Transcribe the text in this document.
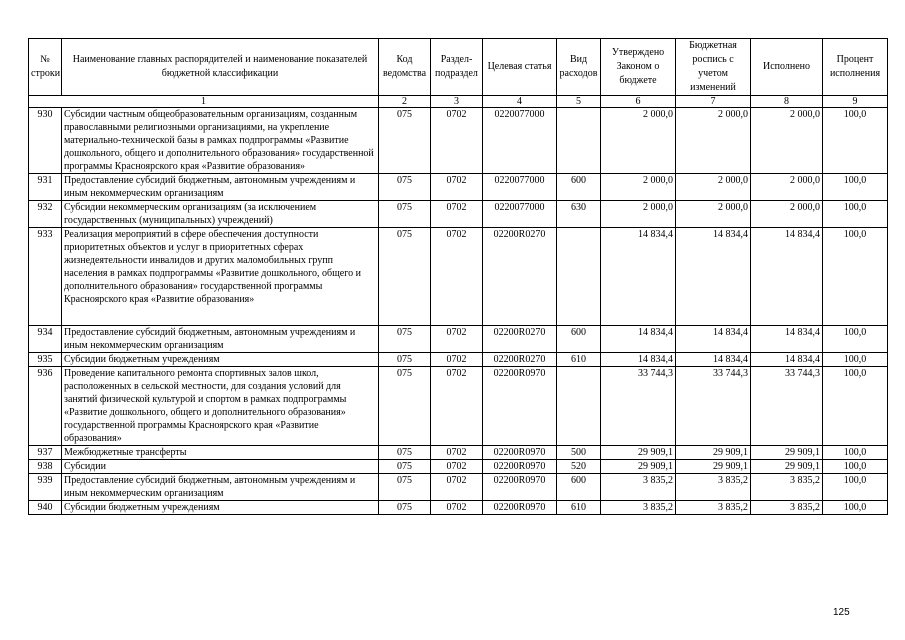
№ строки	Наименование главных распорядителей и наименование показателей бюджетной классификации	Код ведомства	Раздел-подраздел	Целевая статья	Вид расходов	Утверждено Законом о бюджете	Бюджетная роспись с учетом изменений	Исполнено	Процент исполнения
1		2	3	4	5	6	7	8	9
930	Субсидии частным общеобразовательным организациям, созданным православными религиозными организациями, на укрепление материально-технической базы в рамках подпрограммы «Развитие дошкольного, общего и дополнительного образования» государственной программы Красноярского края «Развитие образования»	075	0702	0220077000		2 000,0	2 000,0	2 000,0	100,0
931	Предоставление субсидий бюджетным, автономным учреждениям и иным некоммерческим организациям	075	0702	0220077000	600	2 000,0	2 000,0	2 000,0	100,0
932	Субсидии некоммерческим организациям (за исключением государственных (муниципальных) учреждений)	075	0702	0220077000	630	2 000,0	2 000,0	2 000,0	100,0
933	Реализация мероприятий в сфере обеспечения доступности приоритетных объектов и услуг в приоритетных сферах жизнедеятельности инвалидов и других маломобильных групп населения в рамках подпрограммы «Развитие дошкольного, общего и дополнительного образования» государственной программы Красноярского края «Развитие образования»	075	0702	02200R0270		14 834,4	14 834,4	14 834,4	100,0
934	Предоставление субсидий бюджетным, автономным учреждениям и иным некоммерческим организациям	075	0702	02200R0270	600	14 834,4	14 834,4	14 834,4	100,0
935	Субсидии бюджетным учреждениям	075	0702	02200R0270	610	14 834,4	14 834,4	14 834,4	100,0
936	Проведение капитального ремонта спортивных залов школ, расположенных в сельской местности, для создания условий для занятий физической культурой и спортом в рамках подпрограммы «Развитие дошкольного, общего и дополнительного образования» государственной программы Красноярского края «Развитие образования»	075	0702	02200R0970		33 744,3	33 744,3	33 744,3	100,0
937	Межбюджетные трансферты	075	0702	02200R0970	500	29 909,1	29 909,1	29 909,1	100,0
938	Субсидии	075	0702	02200R0970	520	29 909,1	29 909,1	29 909,1	100,0
939	Предоставление субсидий бюджетным, автономным учреждениям и иным некоммерческим организациям	075	0702	02200R0970	600	3 835,2	3 835,2	3 835,2	100,0
940	Субсидии бюджетным учреждениям	075	0702	02200R0970	610	3 835,2	3 835,2	3 835,2	100,0
125
